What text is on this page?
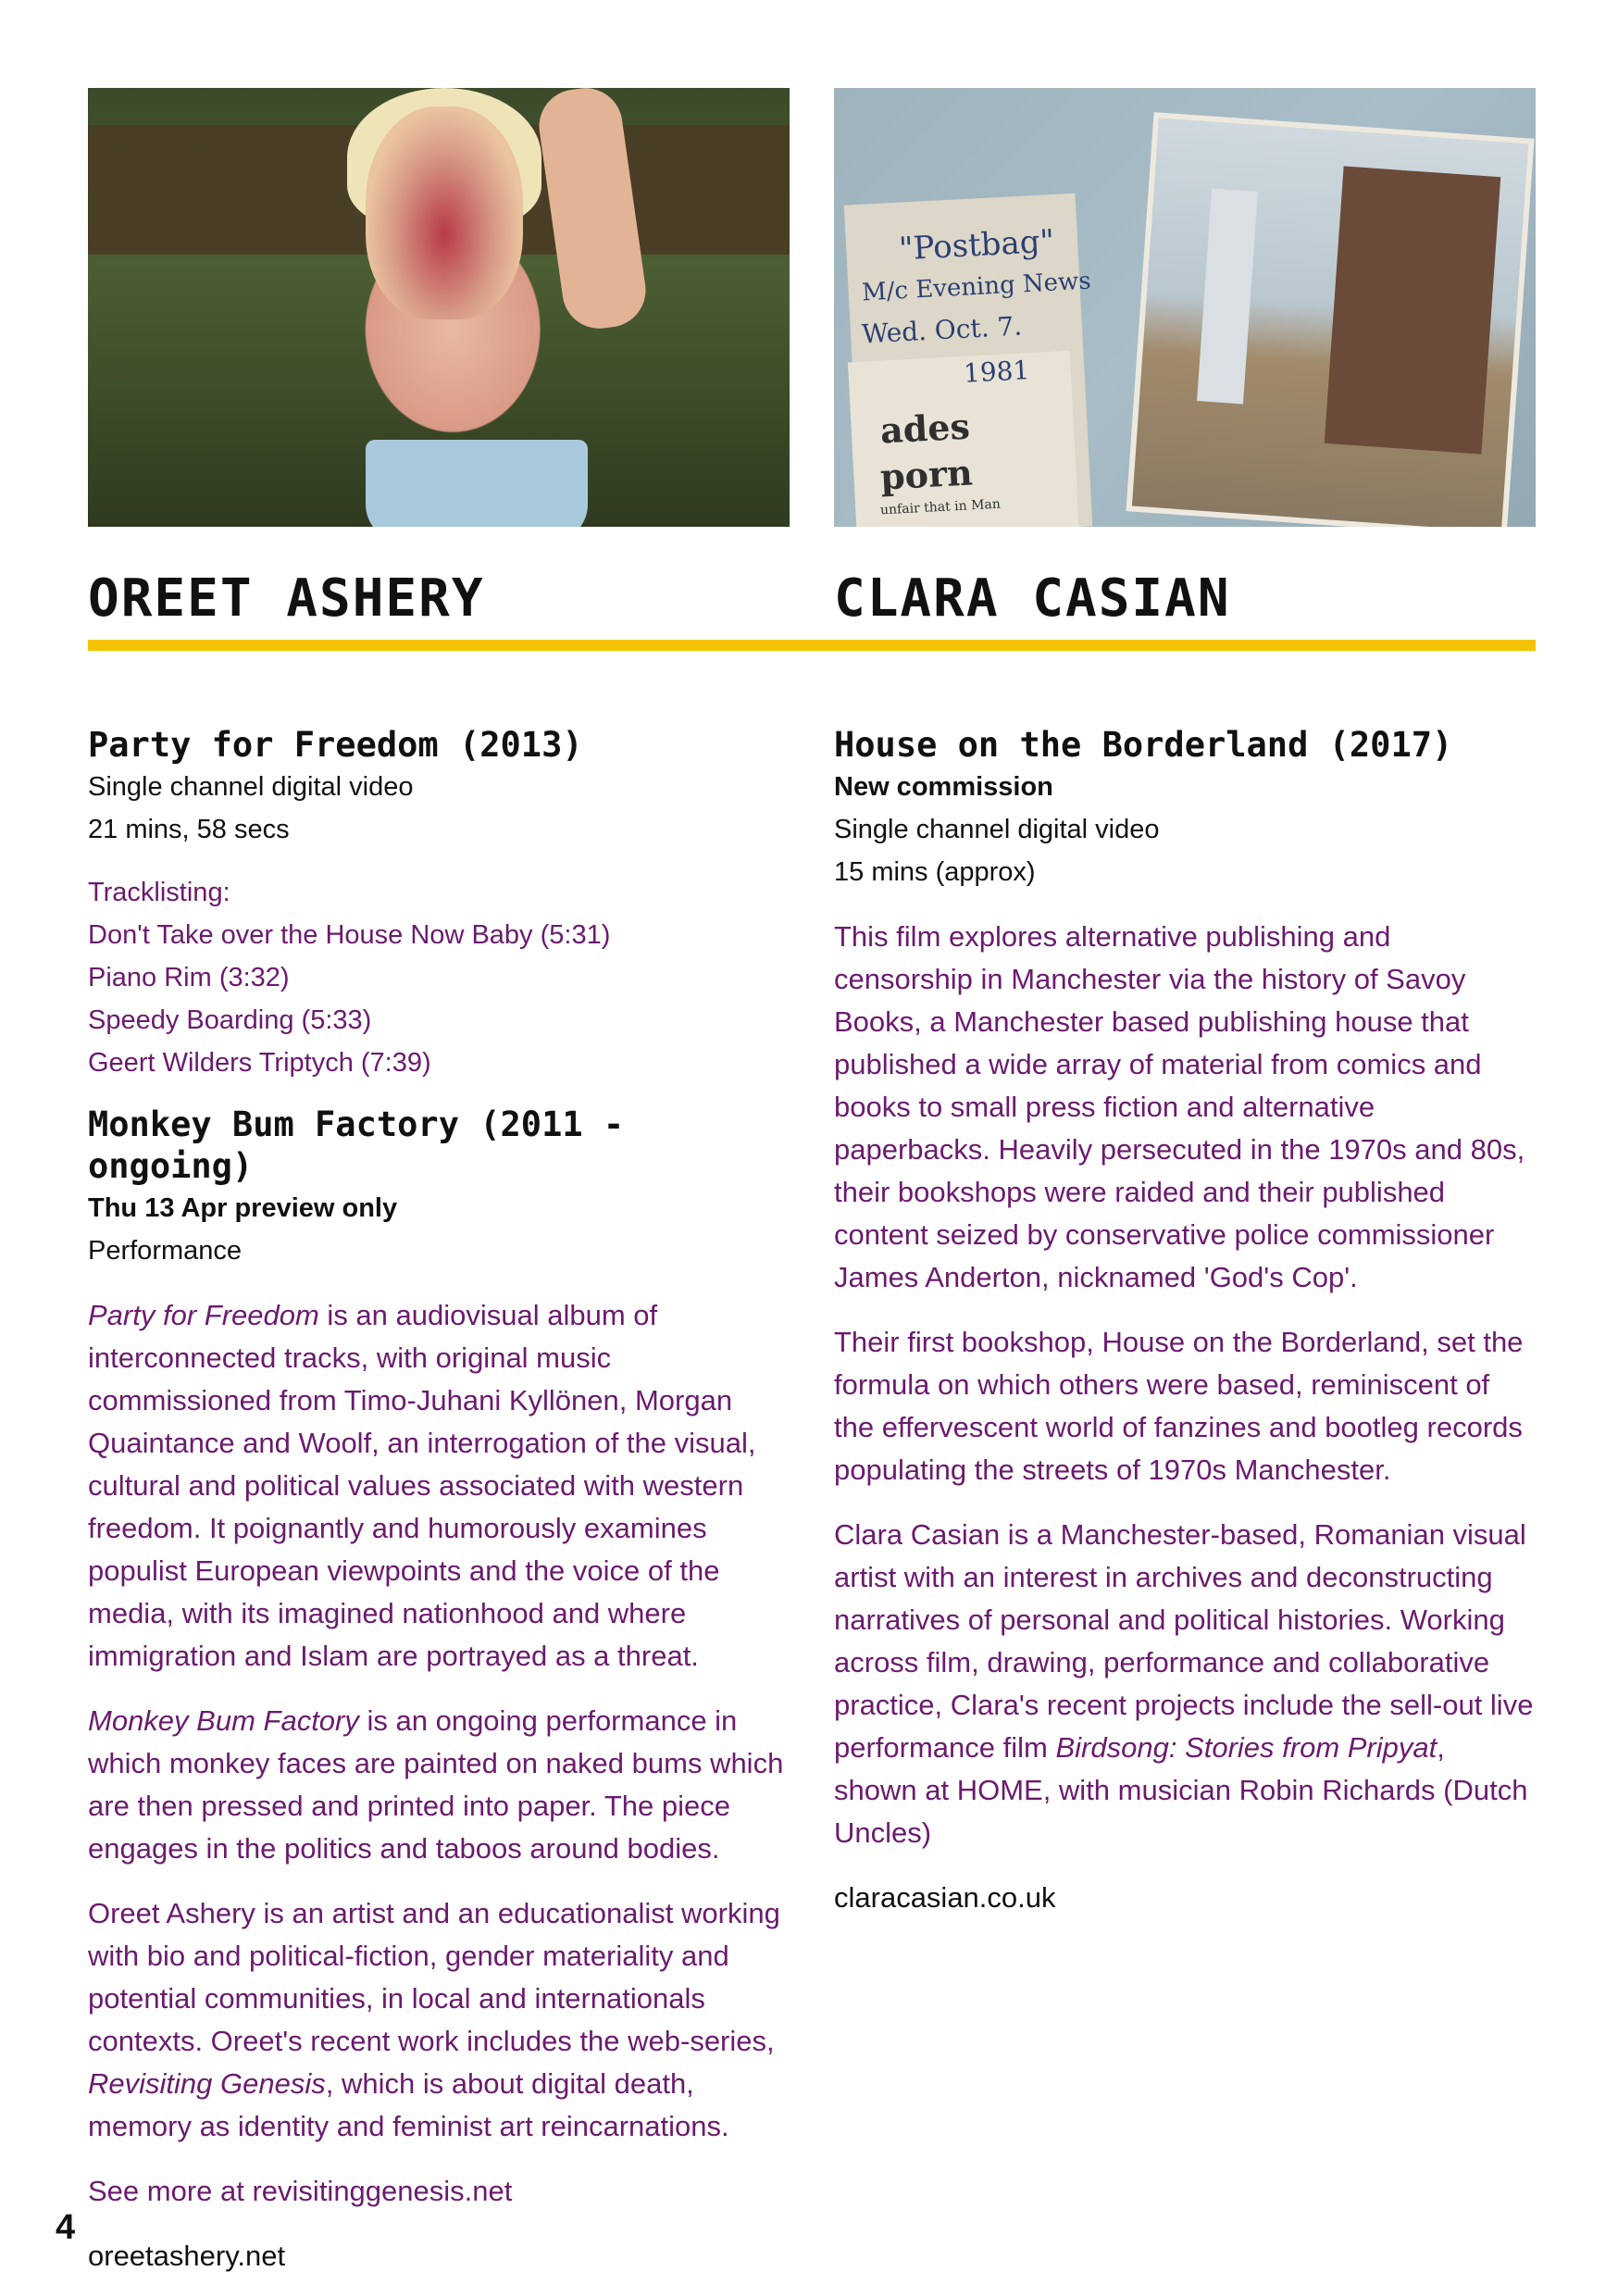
OREET ASHERY
Party for Freedom (2013)

Single channel digital video

21 mins, 58 secs

Tracklisting:

Don't Take over the House Now Baby (5:31)

Piano Rim (3:32)

Speedy Boarding (5:33)

Geert Wilders Triptych (7:39)

Monkey Bum Factory (2011 - ongoing)

Thu 13 Apr preview only

Performance

Party for Freedom is an audiovisual album of interconnected tracks, with original music commissioned from Timo-Juhani Kyllönen, Morgan Quaintance and Woolf, an interrogation of the visual, cultural and political values associated with western freedom. It poignantly and humorously examines populist European viewpoints and the voice of the media, with its imagined nationhood and where immigration and Islam are portrayed as a threat.

Monkey Bum Factory is an ongoing performance in which monkey faces are painted on naked bums which are then pressed and printed into paper. The piece engages in the politics and taboos around bodies.

Oreet Ashery is an artist and an educationalist working with bio and political-fiction, gender materiality and potential communities, in local and internationals contexts. Oreet's recent work includes the web-series, Revisiting Genesis, which is about digital death, memory as identity and feminist art reincarnations.

See more at revisitinggenesis.net

oreetashery.net

"Postbag"
M/c Evening News
Wed. Oct. 7.
1981
ades
porn
unfair that in Man
CLARA CASIAN
House on the Borderland (2017)

New commission

Single channel digital video

15 mins (approx)

This film explores alternative publishing and censorship in Manchester via the history of Savoy Books, a Manchester based publishing house that published a wide array of material from comics and books to small press fiction and alternative paperbacks. Heavily persecuted in the 1970s and 80s, their bookshops were raided and their published content seized by conservative police commissioner James Anderton, nicknamed 'God's Cop'.

Their first bookshop, House on the Borderland, set the formula on which others were based, reminiscent of the effervescent world of fanzines and bootleg records populating the streets of 1970s Manchester.

Clara Casian is a Manchester-based, Romanian visual artist with an interest in archives and deconstructing narratives of personal and political histories. Working across film, drawing, performance and collaborative practice, Clara's recent projects include the sell-out live performance film Birdsong: Stories from Pripyat, shown at HOME, with musician Robin Richards (Dutch Uncles)

claracasian.co.uk

4
